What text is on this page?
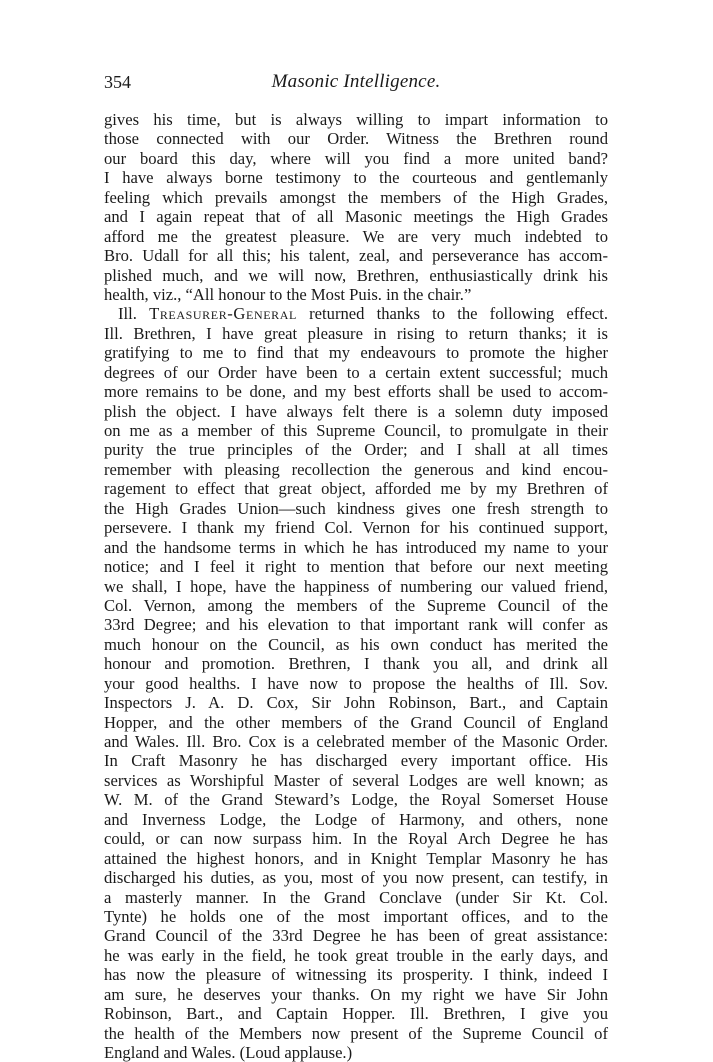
354	Masonic Intelligence.
gives his time, but is always willing to impart information to
those connected with our Order. Witness the Brethren round
our board this day, where will you find a more united band?
I have always borne testimony to the courteous and gentlemanly
feeling which prevails amongst the members of the High Grades,
and I again repeat that of all Masonic meetings the High Grades
afford me the greatest pleasure. We are very much indebted to
Bro. Udall for all this; his talent, zeal, and perseverance has accom-
plished much, and we will now, Brethren, enthusiastically drink his
health, viz., “All honour to the Most Puis. in the chair.”
Ill. Treasurer-General returned thanks to the following effect.
Ill. Brethren, I have great pleasure in rising to return thanks; it is
gratifying to me to find that my endeavours to promote the higher
degrees of our Order have been to a certain extent successful; much
more remains to be done, and my best efforts shall be used to accom-
plish the object. I have always felt there is a solemn duty imposed
on me as a member of this Supreme Council, to promulgate in their
purity the true principles of the Order; and I shall at all times
remember with pleasing recollection the generous and kind encou-
ragement to effect that great object, afforded me by my Brethren of
the High Grades Union—such kindness gives one fresh strength to
persevere. I thank my friend Col. Vernon for his continued support,
and the handsome terms in which he has introduced my name to your
notice; and I feel it right to mention that before our next meeting
we shall, I hope, have the happiness of numbering our valued friend,
Col. Vernon, among the members of the Supreme Council of the
33rd Degree; and his elevation to that important rank will confer as
much honour on the Council, as his own conduct has merited the
honour and promotion. Brethren, I thank you all, and drink all
your good healths. I have now to propose the healths of Ill. Sov.
Inspectors J. A. D. Cox, Sir John Robinson, Bart., and Captain
Hopper, and the other members of the Grand Council of England
and Wales. Ill. Bro. Cox is a celebrated member of the Masonic Order.
In Craft Masonry he has discharged every important office. His
services as Worshipful Master of several Lodges are well known; as
W. M. of the Grand Steward’s Lodge, the Royal Somerset House
and Inverness Lodge, the Lodge of Harmony, and others, none
could, or can now surpass him. In the Royal Arch Degree he has
attained the highest honors, and in Knight Templar Masonry he has
discharged his duties, as you, most of you now present, can testify, in
a masterly manner. In the Grand Conclave (under Sir Kt. Col.
Tynte) he holds one of the most important offices, and to the
Grand Council of the 33rd Degree he has been of great assistance:
he was early in the field, he took great trouble in the early days, and
has now the pleasure of witnessing its prosperity. I think, indeed I
am sure, he deserves your thanks. On my right we have Sir John
Robinson, Bart., and Captain Hopper. Ill. Brethren, I give you
the health of the Members now present of the Supreme Council of
England and Wales. (Loud applause.)
